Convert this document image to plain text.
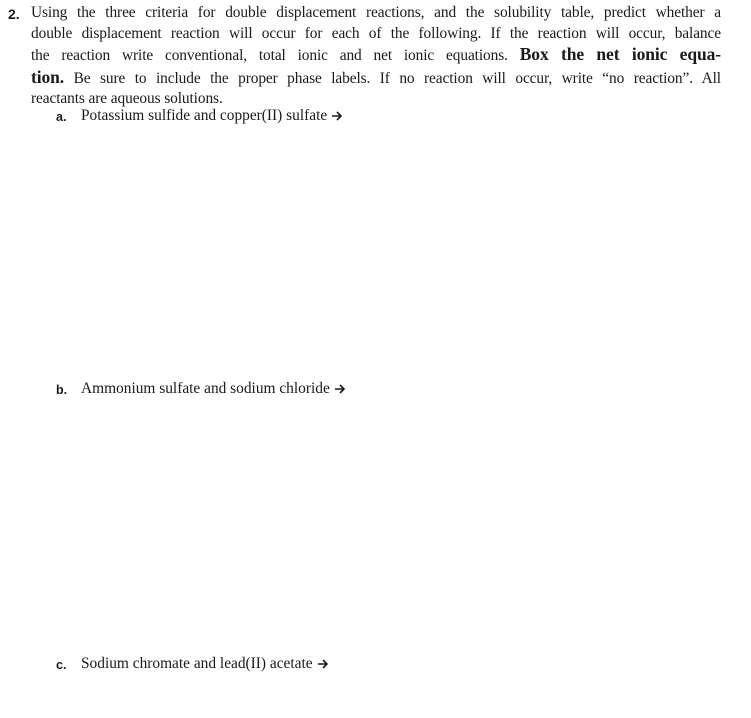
2. Using the three criteria for double displacement reactions, and the solubility table, predict whether a
double displacement reaction will occur for each of the following. If the reaction will occur, balance
the reaction write conventional, total ionic and net ionic equations. Box the net ionic equa-
tion. Be sure to include the proper phase labels. If no reaction will occur, write “no reaction”. All
reactants are aqueous solutions.
a. Potassium sulfide and copper(II) sulfate
b. Ammonium sulfate and sodium chloride
c. Sodium chromate and lead(II) acetate
